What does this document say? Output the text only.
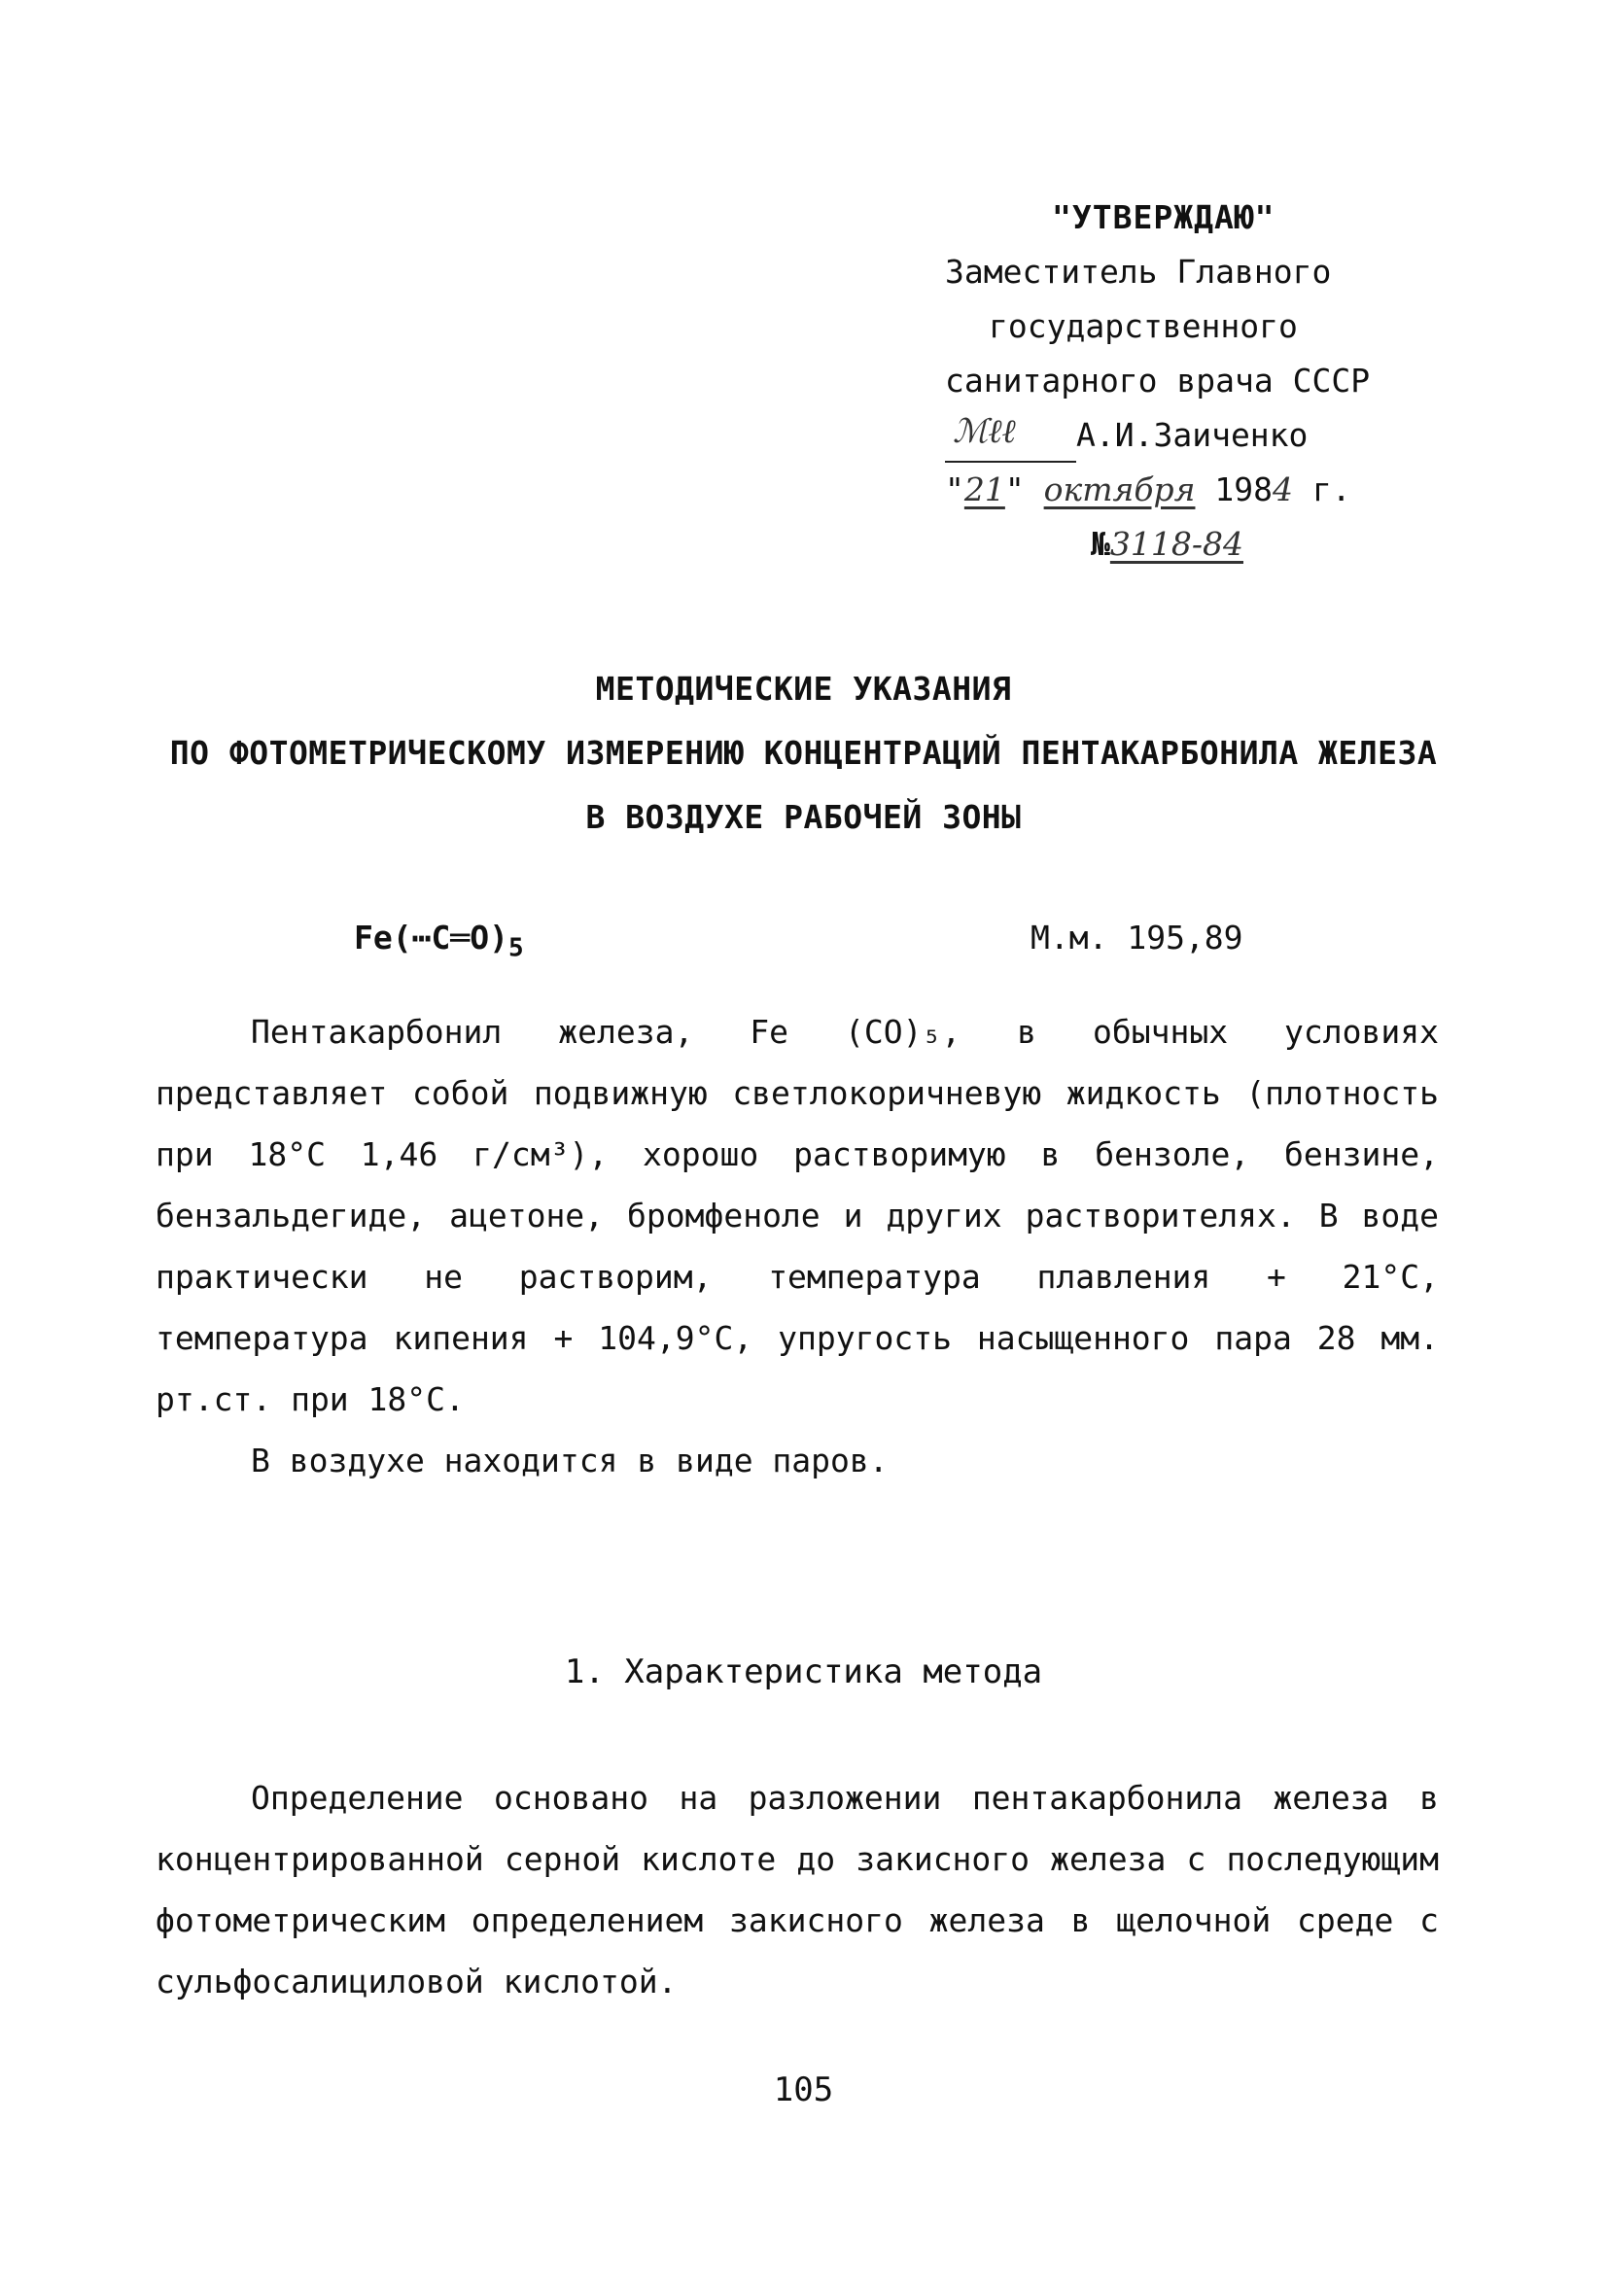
"УТВЕРЖДАЮ"
Заместитель Главного
государственного
санитарного врача СССР
ℳℓℓ А.И.Заиченко
"21" октября 1984 г.
№3118-84
МЕТОДИЧЕСКИЕ УКАЗАНИЯ
ПО ФОТОМЕТРИЧЕСКОМУ ИЗМЕРЕНИЮ КОНЦЕНТРАЦИЙ ПЕНТАКАРБОНИЛА ЖЕЛЕЗА
В ВОЗДУХЕ РАБОЧЕЙ ЗОНЫ
$Fe(\cdots C═O)_5$	М.м. 195,89
Пентакарбонил железа, Fe (CO)₅, в обычных условиях представляет собой подвижную светлокоричневую жидкость (плотность при 18°C 1,46 г/см³), хорошо растворимую в бензоле, бензине, бензальдегиде, ацетоне, бромфеноле и других растворителях. В воде практически не растворим, температура плавления + 21°C, температура кипения + 104,9°C, упругость насыщенного пара 28 мм. рт.ст. при 18°C.
В воздухе находится в виде паров.
1. Характеристика метода
Определение основано на разложении пентакарбонила железа в концентрированной серной кислоте до закисного железа с последующим фотометрическим определением закисного железа в щелочной среде с сульфосалициловой кислотой.
105
